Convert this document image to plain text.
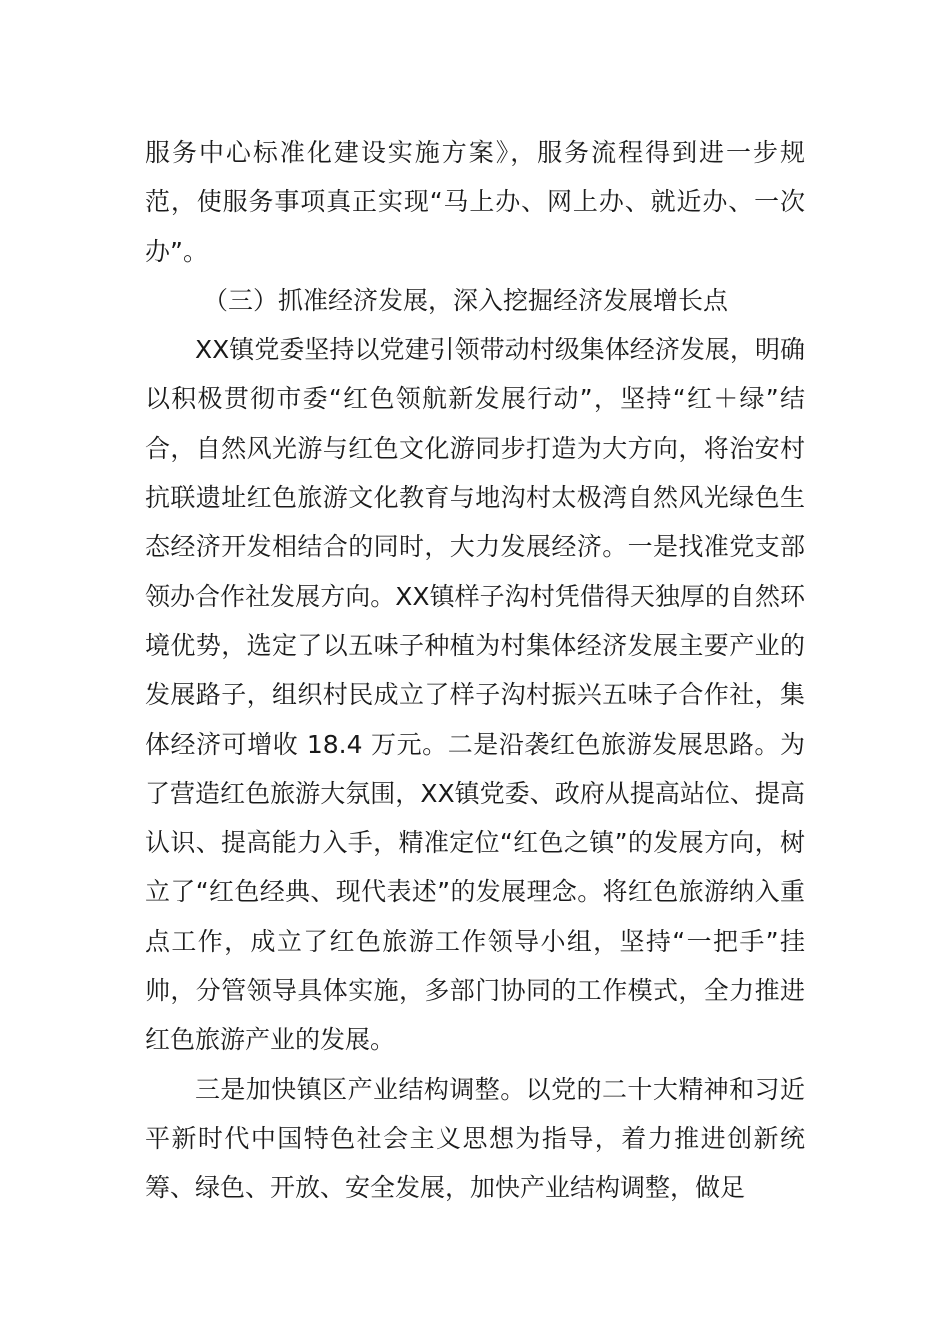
服务中心标准化建设实施方案》，服务流程得到进一步规范，使服务事项真正实现“马上办、网上办、就近办、一次办”。

（三）抓准经济发展，深入挖掘经济发展增长点

XX镇党委坚持以党建引领带动村级集体经济发展，明确以积极贯彻市委“红色领航新发展行动”，坚持“红＋绿”结合，自然风光游与红色文化游同步打造为大方向，将治安村抗联遗址红色旅游文化教育与地沟村太极湾自然风光绿色生态经济开发相结合的同时，大力发展经济。一是找准党支部领办合作社发展方向。XX镇样子沟村凭借得天独厚的自然环境优势，选定了以五味子种植为村集体经济发展主要产业的发展路子，组织村民成立了样子沟村振兴五味子合作社，集体经济可增收 18.4 万元。二是沿袭红色旅游发展思路。为了营造红色旅游大氛围，XX镇党委、政府从提高站位、提高认识、提高能力入手，精准定位“红色之镇”的发展方向，树立了“红色经典、现代表述”的发展理念。将红色旅游纳入重点工作，成立了红色旅游工作领导小组，坚持“一把手”挂帅，分管领导具体实施，多部门协同的工作模式，全力推进红色旅游产业的发展。

三是加快镇区产业结构调整。以党的二十大精神和习近平新时代中国特色社会主义思想为指导，着力推进创新统筹、绿色、开放、安全发展，加快产业结构调整，做足
